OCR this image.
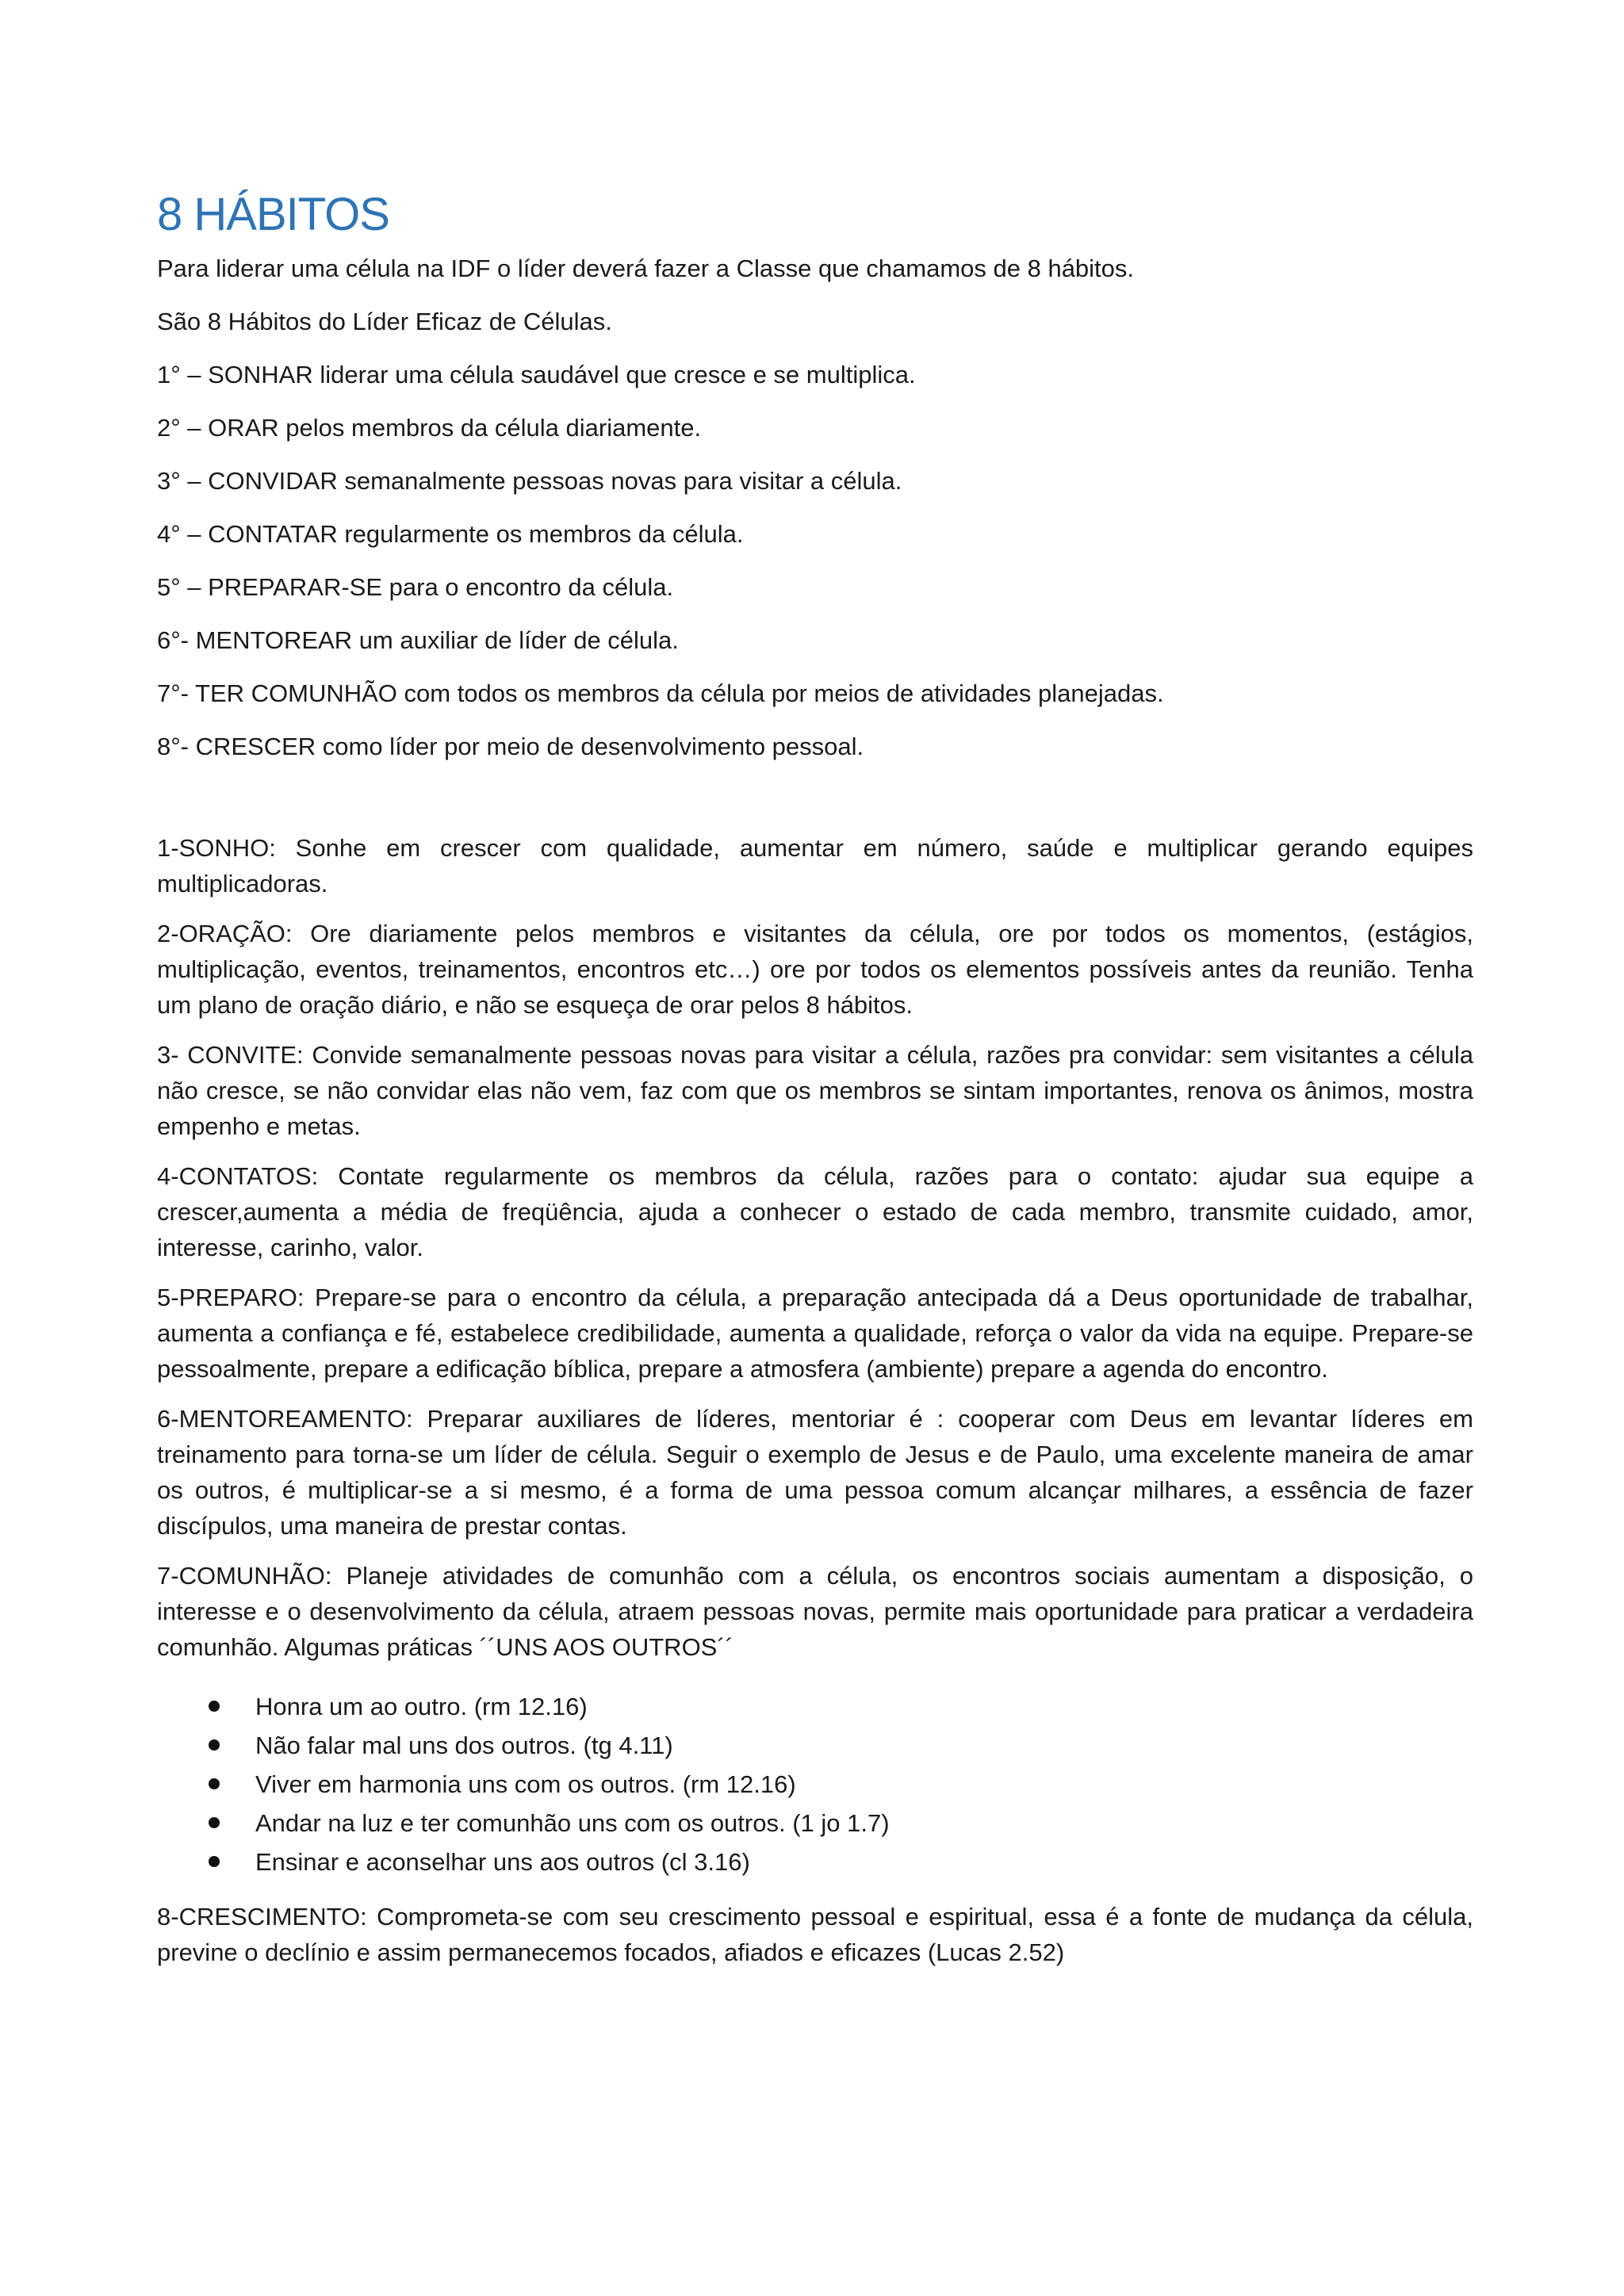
8 HÁBITOS

Para liderar uma célula na IDF o líder deverá fazer a Classe que chamamos de 8 hábitos.

São 8 Hábitos do Líder Eficaz de Células.

1° – SONHAR liderar uma célula saudável que cresce e se multiplica.

2° – ORAR pelos membros da célula diariamente.

3° – CONVIDAR semanalmente pessoas novas para visitar a célula.

4° – CONTATAR regularmente os membros da célula.

5° – PREPARAR-SE para o encontro da célula.

6°- MENTOREAR um auxiliar de líder de célula.

7°- TER COMUNHÃO com todos os membros da célula por meios de atividades planejadas.

8°- CRESCER como líder por meio de desenvolvimento pessoal.

1-SONHO: Sonhe em crescer com qualidade, aumentar em número, saúde e multiplicar gerando equipes multiplicadoras.

2-ORAÇÃO: Ore diariamente pelos membros e visitantes da célula, ore por todos os momentos, (estágios, multiplicação, eventos, treinamentos, encontros etc…) ore por todos os elementos possíveis antes da reunião. Tenha um plano de oração diário, e não se esqueça de orar pelos 8 hábitos.

3- CONVITE: Convide semanalmente pessoas novas para visitar a célula, razões pra convidar: sem visitantes a célula não cresce, se não convidar elas não vem, faz com que os membros se sintam importantes, renova os ânimos, mostra empenho e metas.

4-CONTATOS: Contate regularmente os membros da célula, razões para o contato: ajudar sua equipe a crescer,aumenta a média de freqüência, ajuda a conhecer o estado de cada membro, transmite cuidado, amor, interesse, carinho, valor.

5-PREPARO: Prepare-se para o encontro da célula, a preparação antecipada dá a Deus oportunidade de trabalhar, aumenta a confiança e fé, estabelece credibilidade, aumenta a qualidade, reforça o valor da vida na equipe. Prepare-se pessoalmente, prepare a edificação bíblica, prepare a atmosfera (ambiente) prepare a agenda do encontro.

6-MENTOREAMENTO: Preparar auxiliares de líderes, mentoriar é : cooperar com Deus em levantar líderes em treinamento para torna-se um líder de célula. Seguir o exemplo de Jesus e de Paulo, uma excelente maneira de amar os outros, é multiplicar-se a si mesmo, é a forma de uma pessoa comum alcançar milhares, a essência de fazer discípulos, uma maneira de prestar contas.

7-COMUNHÃO: Planeje atividades de comunhão com a célula, os encontros sociais aumentam a disposição, o interesse e o desenvolvimento da célula, atraem pessoas novas, permite mais oportunidade para praticar a verdadeira comunhão. Algumas práticas ´´UNS AOS OUTROS´´

Honra um ao outro. (rm 12.16)
Não falar mal uns dos outros. (tg 4.11)
Viver em harmonia uns com os outros. (rm 12.16)
Andar na luz e ter comunhão uns com os outros. (1 jo 1.7)
Ensinar e aconselhar uns aos outros (cl 3.16)

8-CRESCIMENTO: Comprometa-se com seu crescimento pessoal e espiritual, essa é a fonte de mudança da célula, previne o declínio e assim permanecemos focados, afiados e eficazes (Lucas 2.52)
